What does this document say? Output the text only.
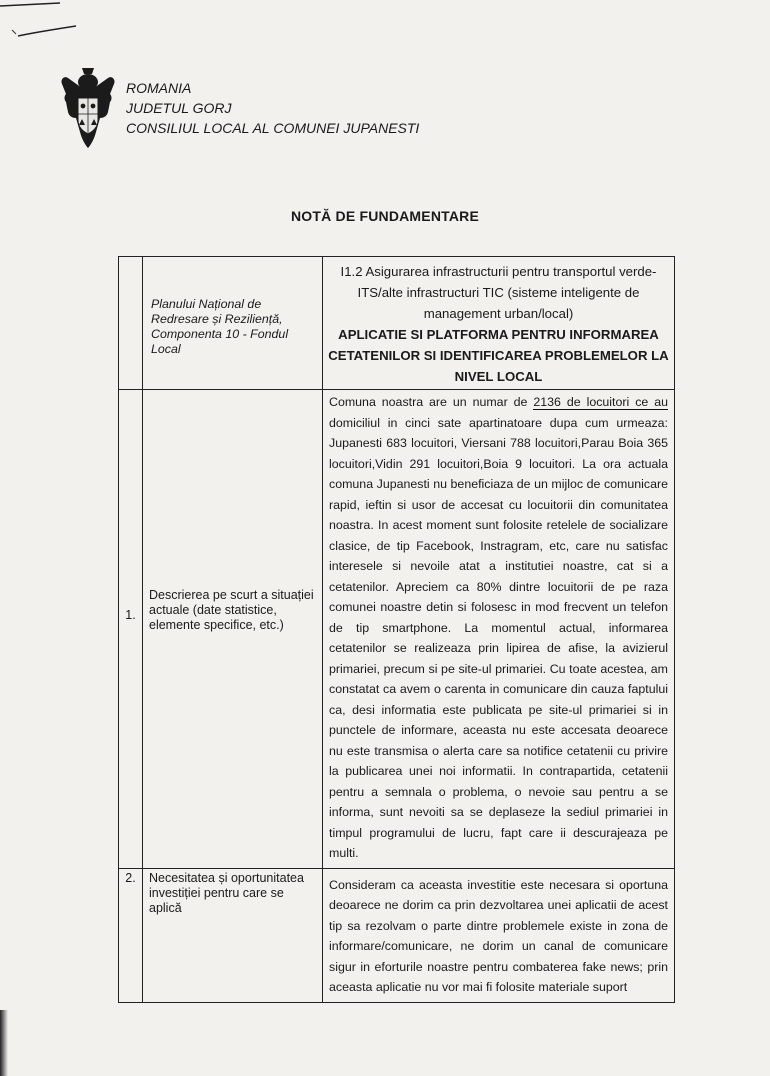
ROMANIA
JUDETUL GORJ
CONSILIUL LOCAL AL COMUNEI JUPANESTI
NOTĂ DE FUNDAMENTARE
	Planului Național de Redresare și Reziliență, Componenta 10 - Fondul Local	I1.2 Asigurarea infrastructurii pentru transportul verde-ITS/alte infrastructuri TIC (sisteme inteligente de management urban/local)
APLICATIE SI PLATFORMA PENTRU INFORMAREA CETATENILOR SI IDENTIFICAREA PROBLEMELOR LA NIVEL LOCAL

1.	Descrierea pe scurt a situației actuale (date statistice, elemente specifice, etc.)	Comuna noastra are un numar de 2136 de locuitori ce au domiciliul in cinci sate apartinatoare dupa cum urmeaza: Jupanesti 683 locuitori, Viersani 788 locuitori,Parau Boia 365 locuitori,Vidin 291 locuitori,Boia 9 locuitori. La ora actuala comuna Jupanesti nu beneficiaza de un mijloc de comunicare rapid, ieftin si usor de accesat cu locuitorii din comunitatea noastra. In acest moment sunt folosite retelele de socializare clasice, de tip Facebook, Instragram, etc, care nu satisfac interesele si nevoile atat a institutiei noastre, cat si a cetatenilor. Apreciem ca 80% dintre locuitorii de pe raza comunei noastre detin si folosesc in mod frecvent un telefon de tip smartphone. La momentul actual, informarea cetatenilor se realizeaza prin lipirea de afise, la avizierul primariei, precum si pe site-ul primariei. Cu toate acestea, am constatat ca avem o carenta in comunicare din cauza faptului ca, desi informatia este publicata pe site-ul primariei si in punctele de informare, aceasta nu este accesata deoarece nu este transmisa o alerta care sa notifice cetatenii cu privire la publicarea unei noi informatii. In contrapartida, cetatenii pentru a semnala o problema, o nevoie sau pentru a se informa, sunt nevoiti sa se deplaseze la sediul primariei in timpul programului de lucru, fapt care ii descurajeaza pe multi.
2.	Necesitatea și oportunitatea investiției pentru care se aplică	Consideram ca aceasta investitie este necesara si oportuna deoarece ne dorim ca prin dezvoltarea unei aplicatii de acest tip sa rezolvam o parte dintre problemele existe in zona de informare/comunicare, ne dorim un canal de comunicare sigur in eforturile noastre pentru combaterea fake news; prin aceasta aplicatie nu vor mai fi folosite materiale suport
